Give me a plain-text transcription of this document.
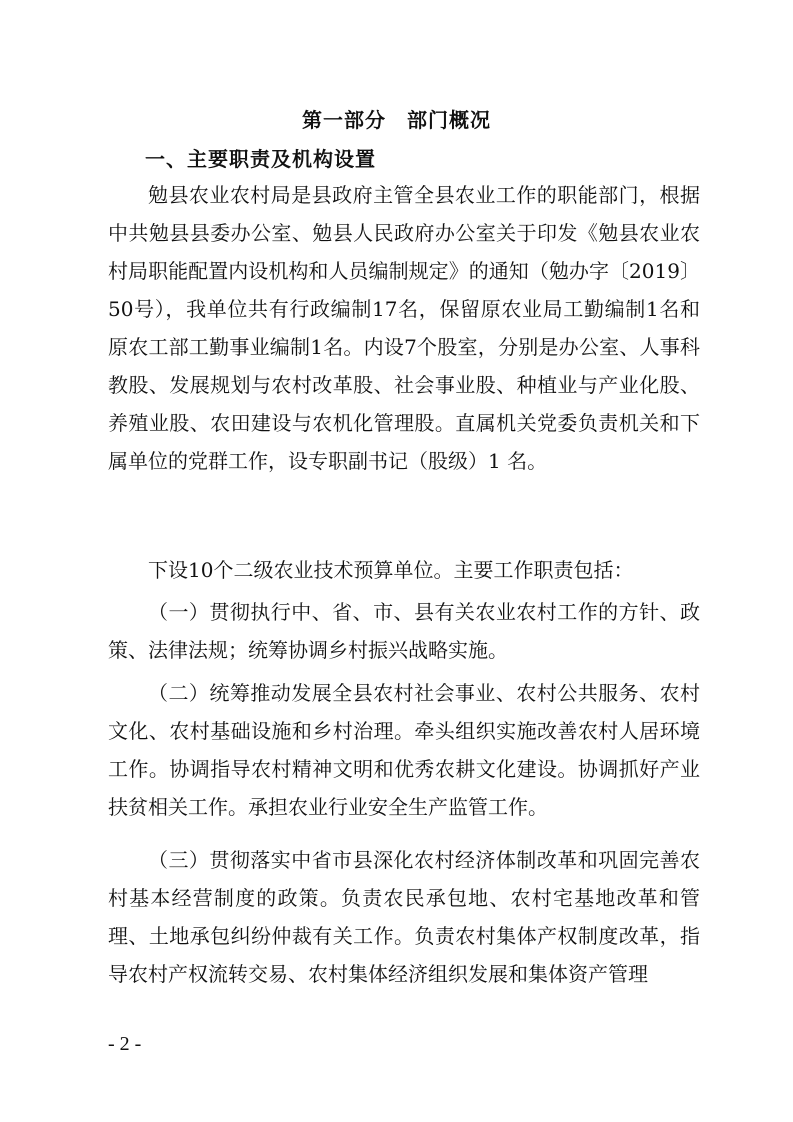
第一部分　部门概况
一、主要职责及机构设置

勉县农业农村局是县政府主管全县农业工作的职能部门，根据中共勉县县委办公室、勉县人民政府办公室关于印发《勉县农业农村局职能配置内设机构和人员编制规定》的通知（勉办字〔2019〕50号），我单位共有行政编制17名，保留原农业局工勤编制1名和原农工部工勤事业编制1名。内设7个股室，分别是办公室、人事科教股、发展规划与农村改革股、社会事业股、种植业与产业化股、养殖业股、农田建设与农机化管理股。直属机关党委负责机关和下属单位的党群工作，设专职副书记（股级）1 名。

下设10个二级农业技术预算单位。主要工作职责包括：

（一）贯彻执行中、省、市、县有关农业农村工作的方针、政策、法律法规；统筹协调乡村振兴战略实施。

（二）统筹推动发展全县农村社会事业、农村公共服务、农村文化、农村基础设施和乡村治理。牵头组织实施改善农村人居环境工作。协调指导农村精神文明和优秀农耕文化建设。协调抓好产业扶贫相关工作。承担农业行业安全生产监管工作。

（三）贯彻落实中省市县深化农村经济体制改革和巩固完善农村基本经营制度的政策。负责农民承包地、农村宅基地改革和管理、土地承包纠纷仲裁有关工作。负责农村集体产权制度改革，指导农村产权流转交易、农村集体经济组织发展和集体资产管理

- 2 -
